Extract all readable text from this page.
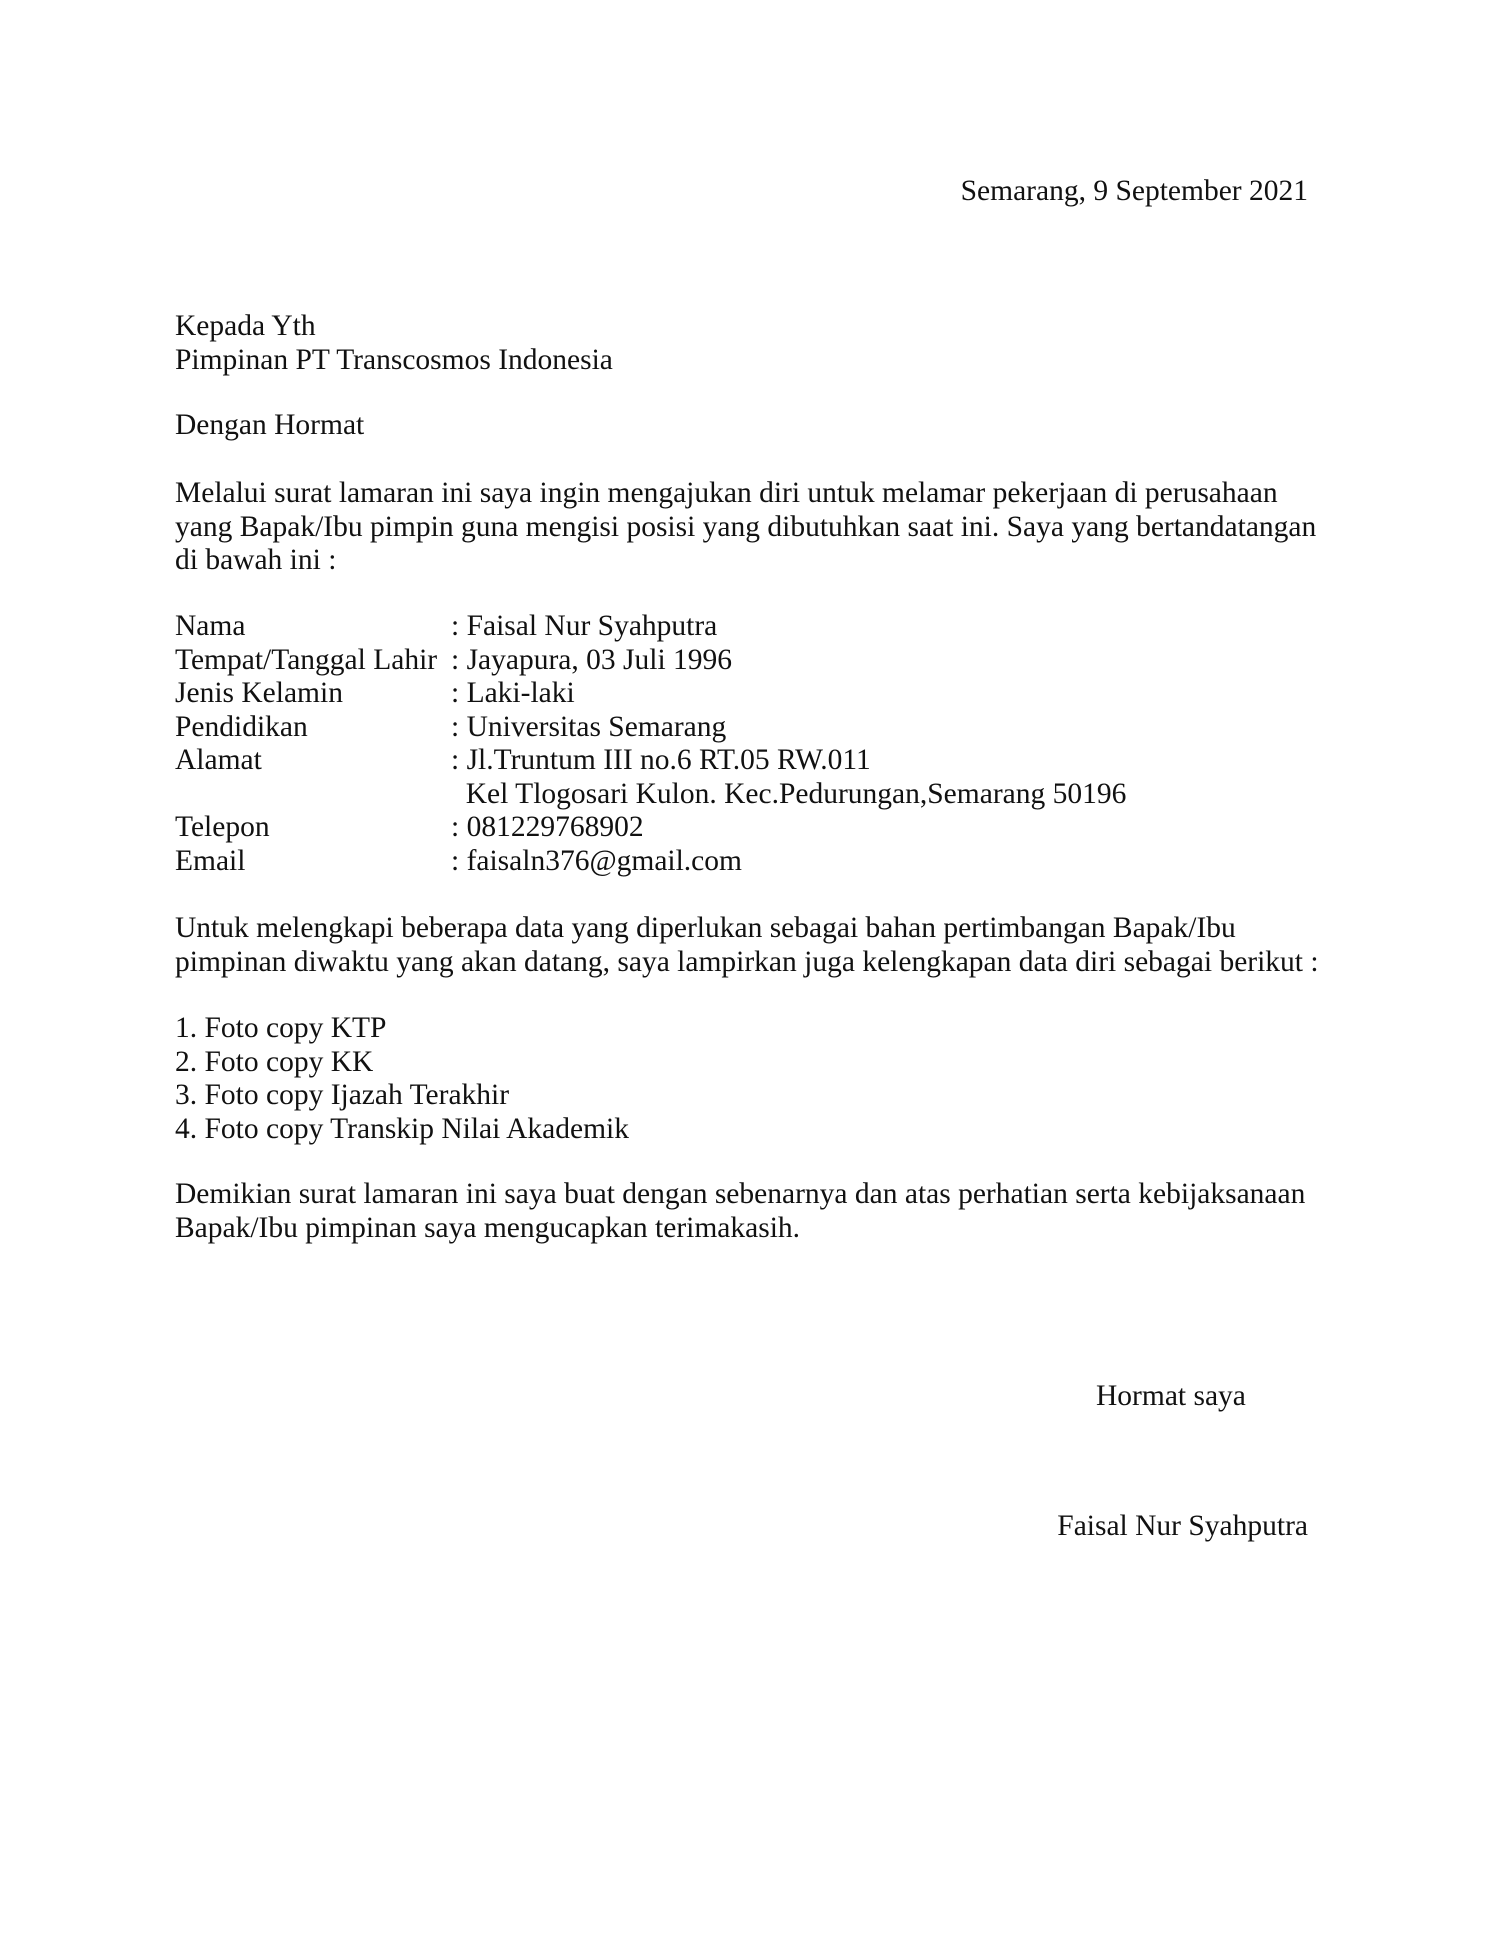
Semarang, 9 September 2021
Kepada Yth
Pimpinan PT Transcosmos Indonesia
Dengan Hormat
Melalui surat lamaran ini saya ingin mengajukan diri untuk melamar pekerjaan di perusahaan
yang Bapak/Ibu pimpin guna mengisi posisi yang dibutuhkan saat ini. Saya yang bertandatangan
di bawah ini :
Nama	: Faisal Nur Syahputra
Tempat/Tanggal Lahir : Jayapura, 03 Juli 1996
Jenis Kelamin	: Laki-laki
Pendidikan	: Universitas Semarang
Alamat	: Jl.Truntum III no.6 RT.05 RW.011
Kel Tlogosari Kulon. Kec.Pedurungan,Semarang 50196
Telepon	: 081229768902
Email	: faisaln376@gmail.com
Untuk melengkapi beberapa data yang diperlukan sebagai bahan pertimbangan Bapak/Ibu
pimpinan diwaktu yang akan datang, saya lampirkan juga kelengkapan data diri sebagai berikut :
1. Foto copy KTP
2. Foto copy KK
3. Foto copy Ijazah Terakhir
4. Foto copy Transkip Nilai Akademik
Demikian surat lamaran ini saya buat dengan sebenarnya dan atas perhatian serta kebijaksanaan
Bapak/Ibu pimpinan saya mengucapkan terimakasih.
Hormat saya
Faisal Nur Syahputra
